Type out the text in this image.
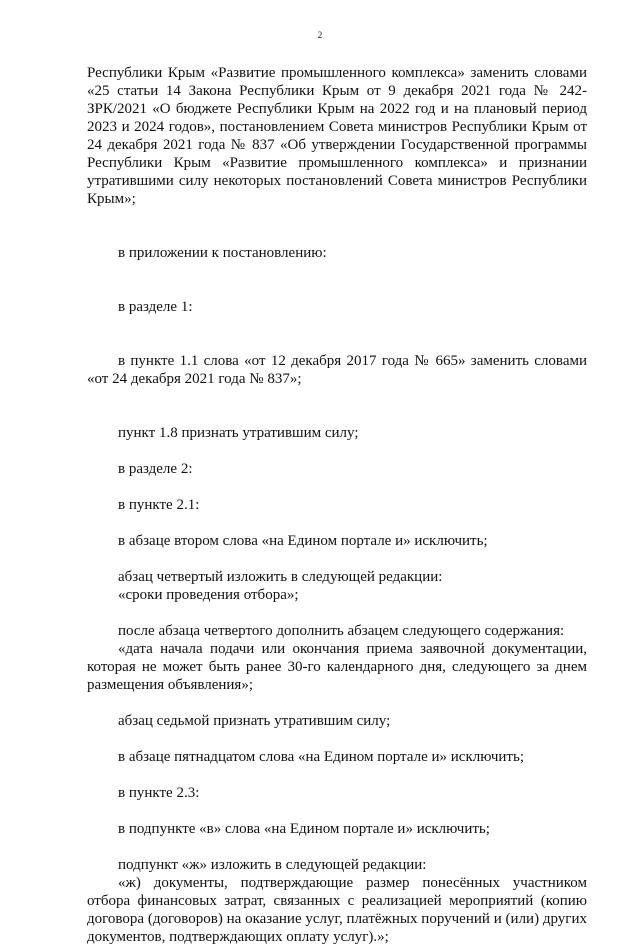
2

Республики Крым «Развитие промышленного комплекса» заменить словами «25 статьи 14 Закона Республики Крым от 9 декабря 2021 года № 242-ЗРК/2021 «О бюджете Республики Крым на 2022 год и на плановый период 2023 и 2024 годов», постановлением Совета министров Республики Крым от 24 декабря 2021 года № 837 «Об утверждении Государственной программы Республики Крым «Развитие промышленного комплекса» и признании утратившими силу некоторых постановлений Совета министров Республики Крым»;

в приложении к постановлению:

в разделе 1:

в пункте 1.1 слова «от 12 декабря 2017 года № 665» заменить словами «от 24 декабря 2021 года № 837»;

пункт 1.8 признать утратившим силу;

в разделе 2:

в пункте 2.1:

в абзаце втором слова «на Едином портале и» исключить;

абзац четвертый изложить в следующей редакции:

«сроки проведения отбора»;

после абзаца четвертого дополнить абзацем следующего содержания:

«дата начала подачи или окончания приема заявочной документации, которая не может быть ранее 30-го календарного дня, следующего за днем размещения объявления»;

абзац седьмой признать утратившим силу;

в абзаце пятнадцатом слова «на Едином портале и» исключить;

в пункте 2.3:

в подпункте «в» слова «на Едином портале и» исключить;

подпункт «ж» изложить в следующей редакции:

«ж) документы, подтверждающие размер понесённых участником отбора финансовых затрат, связанных с реализацией мероприятий (копию договора (договоров) на оказание услуг, платёжных поручений и (или) других документов, подтверждающих оплату услуг).»;
